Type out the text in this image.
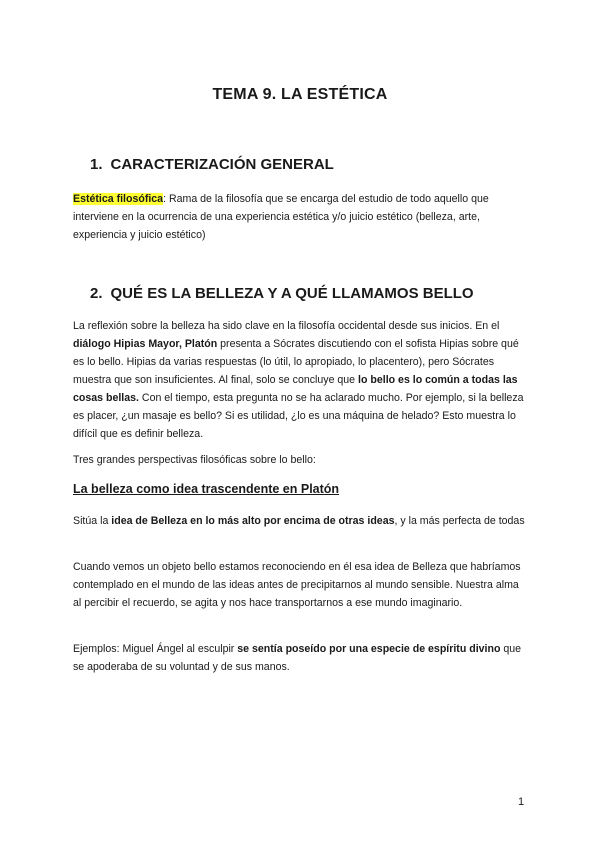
TEMA 9. LA ESTÉTICA
1. CARACTERIZACIÓN GENERAL

Estética filosófica: Rama de la filosofía que se encarga del estudio de todo aquello que interviene en la ocurrencia de una experiencia estética y/o juicio estético (belleza, arte, experiencia y juicio estético)

2. QUÉ ES LA BELLEZA Y A QUÉ LLAMAMOS BELLO

La reflexión sobre la belleza ha sido clave en la filosofía occidental desde sus inicios. En el diálogo Hipias Mayor, Platón presenta a Sócrates discutiendo con el sofista Hipias sobre qué es lo bello. Hipias da varias respuestas (lo útil, lo apropiado, lo placentero), pero Sócrates muestra que son insuficientes. Al final, solo se concluye que lo bello es lo común a todas las cosas bellas. Con el tiempo, esta pregunta no se ha aclarado mucho. Por ejemplo, si la belleza es placer, ¿un masaje es bello? Si es utilidad, ¿lo es una máquina de helado? Esto muestra lo difícil que es definir belleza.

Tres grandes perspectivas filosóficas sobre lo bello:

La belleza como idea trascendente en Platón

Sitúa la idea de Belleza en lo más alto por encima de otras ideas, y la más perfecta de todas

Cuando vemos un objeto bello estamos reconociendo en él esa idea de Belleza que habríamos contemplado en el mundo de las ideas antes de precipitarnos al mundo sensible. Nuestra alma al percibir el recuerdo, se agita y nos hace transportarnos a ese mundo imaginario.

Ejemplos: Miguel Ángel al esculpir se sentía poseído por una especie de espíritu divino que se apoderaba de su voluntad y de sus manos.

1
